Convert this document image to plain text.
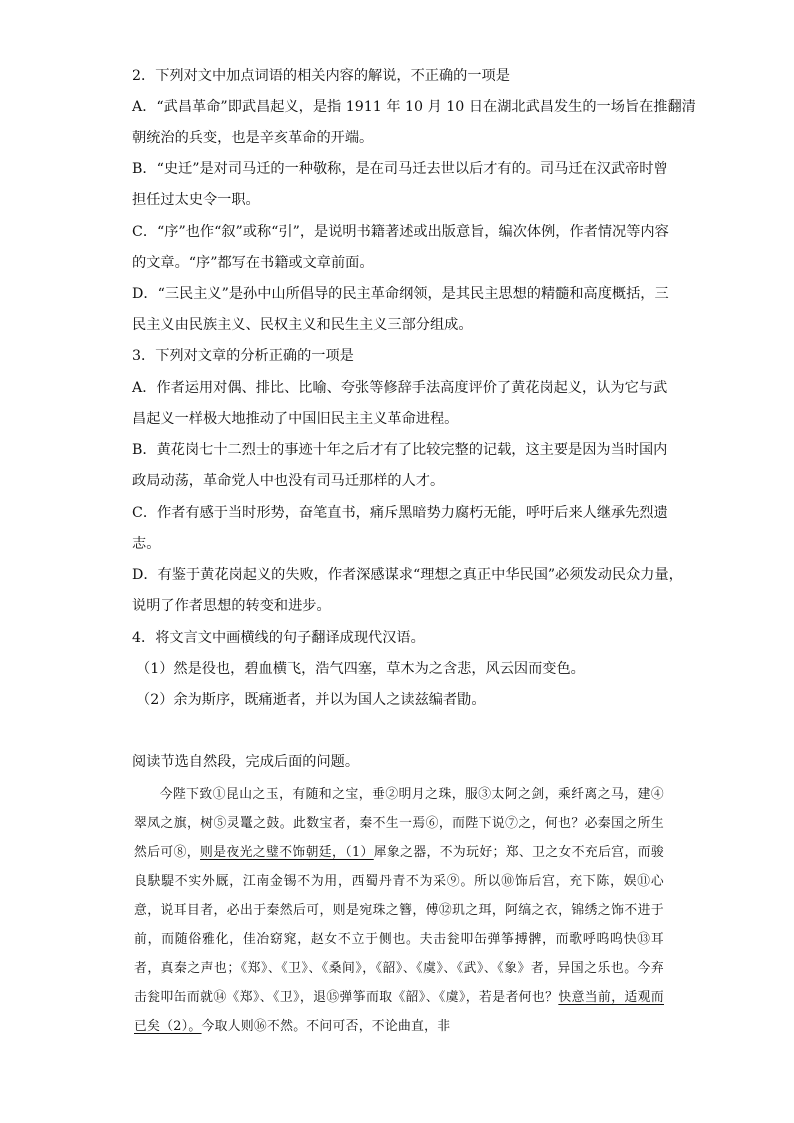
2．下列对文中加点词语的相关内容的解说，不正确的一项是
A．“武昌革命”即武昌起义，是指 1911 年 10 月 10 日在湖北武昌发生的一场旨在推翻清
朝统治的兵变，也是辛亥革命的开端。
B．“史迁”是对司马迁的一种敬称，是在司马迁去世以后才有的。司马迁在汉武帝时曾
担任过太史令一职。
C．“序”也作“叙”或称“引”，是说明书籍著述或出版意旨，编次体例，作者情况等内容
的文章。“序”都写在书籍或文章前面。
D．“三民主义”是孙中山所倡导的民主革命纲领，是其民主思想的精髓和高度概括，三
民主义由民族主义、民权主义和民生主义三部分组成。
3．下列对文章的分析正确的一项是
A．作者运用对偶、排比、比喻、夸张等修辞手法高度评价了黄花岗起义，认为它与武
昌起义一样极大地推动了中国旧民主主义革命进程。
B．黄花岗七十二烈士的事迹十年之后才有了比较完整的记载，这主要是因为当时国内
政局动荡，革命党人中也没有司马迁那样的人才。
C．作者有感于当时形势，奋笔直书，痛斥黑暗势力腐朽无能，呼吁后来人继承先烈遗
志。
D．有鉴于黄花岗起义的失败，作者深感谋求“理想之真正中华民国”必须发动民众力量，
说明了作者思想的转变和进步。
4．将文言文中画横线的句子翻译成现代汉语。
（1）然是役也，碧血横飞，浩气四塞，草木为之含悲，风云因而变色。
（2）余为斯序，既痛逝者，并以为国人之读兹编者勖。
阅读节选自然段，完成后面的问题。

今陛下致①昆山之玉，有随和之宝，垂②明月之珠，服③太阿之剑，乘纤离之马，建④翠凤之旗，树⑤灵鼍之鼓。此数宝者，秦不生一焉⑥，而陛下说⑦之，何也？必秦国之所生然后可⑧，则是夜光之璧不饰朝廷，（1）犀象之器，不为玩好；郑、卫之女不充后宫，而骏良駃騠不实外厩，江南金锡不为用，西蜀丹青不为采⑨。所以⑩饰后宫，充下陈，娱⑪心意，说耳目者，必出于秦然后可，则是宛珠之簪，傅⑫玑之珥，阿缟之衣，锦绣之饰不进于前，而随俗雅化，佳冶窈窕，赵女不立于侧也。夫击瓮叩缶弹筝搏髀，而歌呼呜呜快⑬耳者，真秦之声也；《郑》、《卫》、《桑间》，《韶》、《虞》、《武》、《象》者，异国之乐也。今弃击瓮叩缶而就⑭《郑》、《卫》，退⑮弹筝而取《韶》、《虞》，若是者何也？快意当前，适观而已矣（2）。今取人则⑯不然。不问可否，不论曲直，非
